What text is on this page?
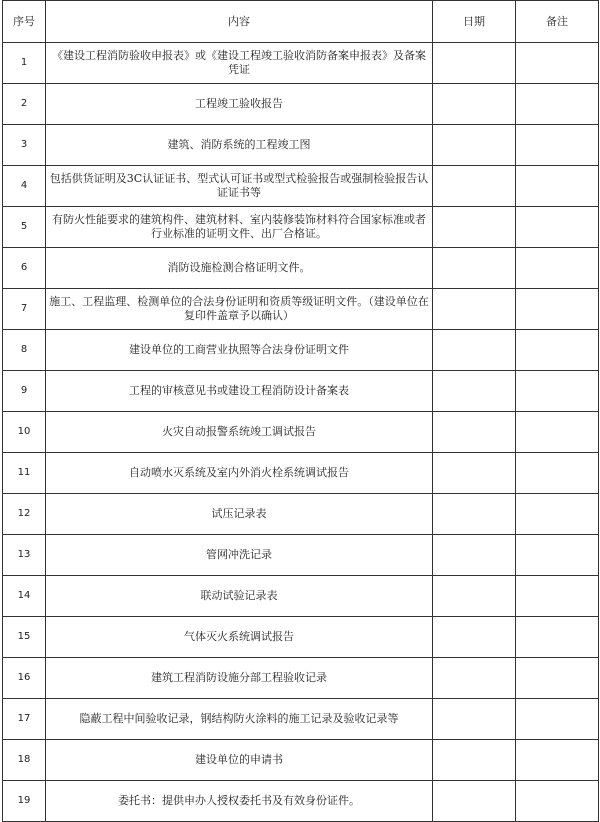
序号	内容	日期	备注
1	《建设工程消防验收申报表》或《建设工程竣工验收消防备案申报表》及备案凭证		
2	工程竣工验收报告		
3	建筑、消防系统的工程竣工图		
4	包括供货证明及3C认证证书、型式认可证书或型式检验报告或强制检验报告认证证书等		
5	有防火性能要求的建筑构件、建筑材料、室内装修装饰材料符合国家标准或者行业标准的证明文件、出厂合格证。		
6	消防设施检测合格证明文件。		
7	施工、工程监理、检测单位的合法身份证明和资质等级证明文件。（建设单位在复印件盖章予以确认）		
8	建设单位的工商营业执照等合法身份证明文件		
9	工程的审核意见书或建设工程消防设计备案表		
10	火灾自动报警系统竣工调试报告		
11	自动喷水灭系统及室内外消火栓系统调试报告		
12	试压记录表		
13	管网冲洗记录		
14	联动试验记录表		
15	气体灭火系统调试报告		
16	建筑工程消防设施分部工程验收记录		
17	隐蔽工程中间验收记录，钢结构防火涂料的施工记录及验收记录等		
18	建设单位的申请书		
19	委托书：提供申办人授权委托书及有效身份证件。		
